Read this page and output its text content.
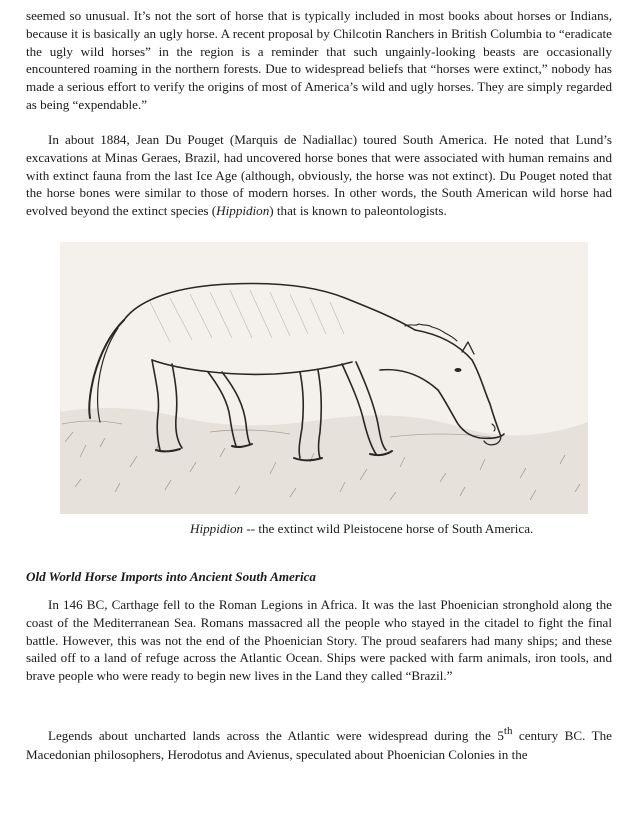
seemed so unusual. It’s not the sort of horse that is typically included in most books about horses or Indians, because it is basically an ugly horse. A recent proposal by Chilcotin Ranchers in British Columbia to “eradicate the ugly wild horses” in the region is a reminder that such ungainly-looking beasts are occasionally encountered roaming in the northern forests. Due to widespread beliefs that “horses were extinct,” nobody has made a serious effort to verify the origins of most of America’s wild and ugly horses. They are simply regarded as being “expendable.”

In about 1884, Jean Du Pouget (Marquis de Nadiallac) toured South America. He noted that Lund’s excavations at Minas Geraes, Brazil, had uncovered horse bones that were associated with human remains and with extinct fauna from the last Ice Age (although, obviously, the horse was not extinct). Du Pouget noted that the horse bones were similar to those of modern horses. In other words, the South American wild horse had evolved beyond the extinct species (Hippidion) that is known to paleontologists.

Hippidion -- the extinct wild Pleistocene horse of South America.
Old World Horse Imports into Ancient South America

In 146 BC, Carthage fell to the Roman Legions in Africa. It was the last Phoenician stronghold along the coast of the Mediterranean Sea. Romans massacred all the people who stayed in the citadel to fight the final battle. However, this was not the end of the Phoenician Story. The proud seafarers had many ships; and these sailed off to a land of refuge across the Atlantic Ocean. Ships were packed with farm animals, iron tools, and brave people who were ready to begin new lives in the Land they called “Brazil.”

Legends about uncharted lands across the Atlantic were widespread during the 5th century BC. The Macedonian philosophers, Herodotus and Avienus, speculated about Phoenician Colonies in the
